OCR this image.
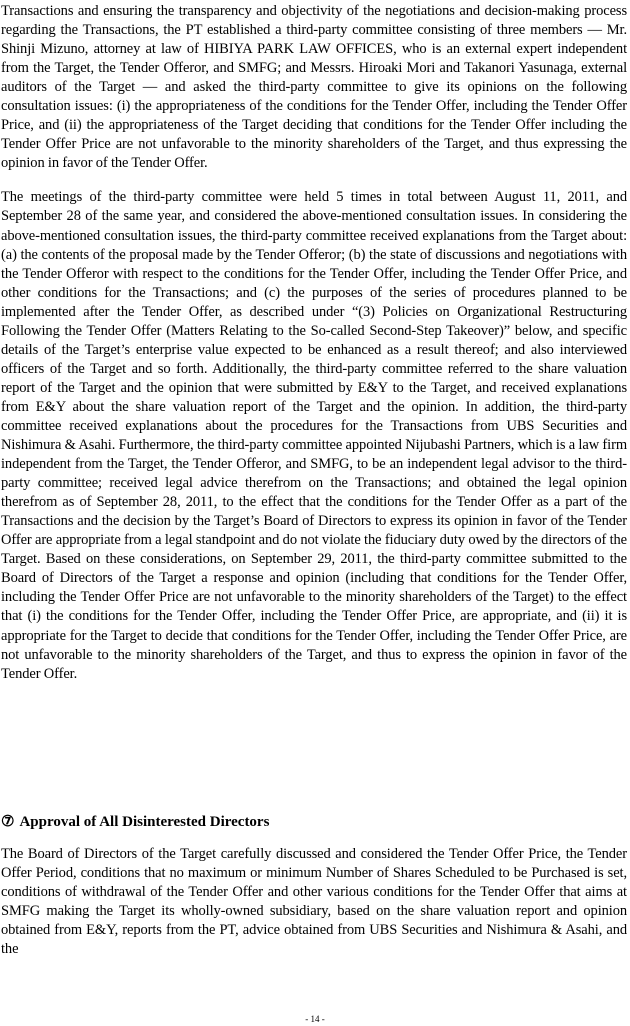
Transactions and ensuring the transparency and objectivity of the negotiations and decision-making process regarding the Transactions, the PT established a third-party committee consisting of three members — Mr. Shinji Mizuno, attorney at law of HIBIYA PARK LAW OFFICES, who is an external expert independent from the Target, the Tender Offeror, and SMFG; and Messrs. Hiroaki Mori and Takanori Yasunaga, external auditors of the Target — and asked the third-party committee to give its opinions on the following consultation issues: (i) the appropriateness of the conditions for the Tender Offer, including the Tender Offer Price, and (ii) the appropriateness of the Target deciding that conditions for the Tender Offer including the Tender Offer Price are not unfavorable to the minority shareholders of the Target, and thus expressing the opinion in favor of the Tender Offer.

The meetings of the third-party committee were held 5 times in total between August 11, 2011, and September 28 of the same year, and considered the above-mentioned consultation issues. In considering the above-mentioned consultation issues, the third-party committee received explanations from the Target about: (a) the contents of the proposal made by the Tender Offeror; (b) the state of discussions and negotiations with the Tender Offeror with respect to the conditions for the Tender Offer, including the Tender Offer Price, and other conditions for the Transactions; and (c) the purposes of the series of procedures planned to be implemented after the Tender Offer, as described under “(3) Policies on Organizational Restructuring Following the Tender Offer (Matters Relating to the So-called Second-Step Takeover)” below, and specific details of the Target’s enterprise value expected to be enhanced as a result thereof; and also interviewed officers of the Target and so forth. Additionally, the third-party committee referred to the share valuation report of the Target and the opinion that were submitted by E&Y to the Target, and received explanations from E&Y about the share valuation report of the Target and the opinion. In addition, the third-party committee received explanations about the procedures for the Transactions from UBS Securities and Nishimura & Asahi. Furthermore, the third-party committee appointed Nijubashi Partners, which is a law firm independent from the Target, the Tender Offeror, and SMFG, to be an independent legal advisor to the third-party committee; received legal advice therefrom on the Transactions; and obtained the legal opinion therefrom as of September 28, 2011, to the effect that the conditions for the Tender Offer as a part of the Transactions and the decision by the Target’s Board of Directors to express its opinion in favor of the Tender Offer are appropriate from a legal standpoint and do not violate the fiduciary duty owed by the directors of the Target. Based on these considerations, on September 29, 2011, the third-party committee submitted to the Board of Directors of the Target a response and opinion (including that conditions for the Tender Offer, including the Tender Offer Price are not unfavorable to the minority shareholders of the Target) to the effect that (i) the conditions for the Tender Offer, including the Tender Offer Price, are appropriate, and (ii) it is appropriate for the Target to decide that conditions for the Tender Offer, including the Tender Offer Price, are not unfavorable to the minority shareholders of the Target, and thus to express the opinion in favor of the Tender Offer.

⑦ Approval of All Disinterested Directors

The Board of Directors of the Target carefully discussed and considered the Tender Offer Price, the Tender Offer Period, conditions that no maximum or minimum Number of Shares Scheduled to be Purchased is set, conditions of withdrawal of the Tender Offer and other various conditions for the Tender Offer that aims at SMFG making the Target its wholly-owned subsidiary, based on the share valuation report and opinion obtained from E&Y, reports from the PT, advice obtained from UBS Securities and Nishimura & Asahi, and the

- 14 -
